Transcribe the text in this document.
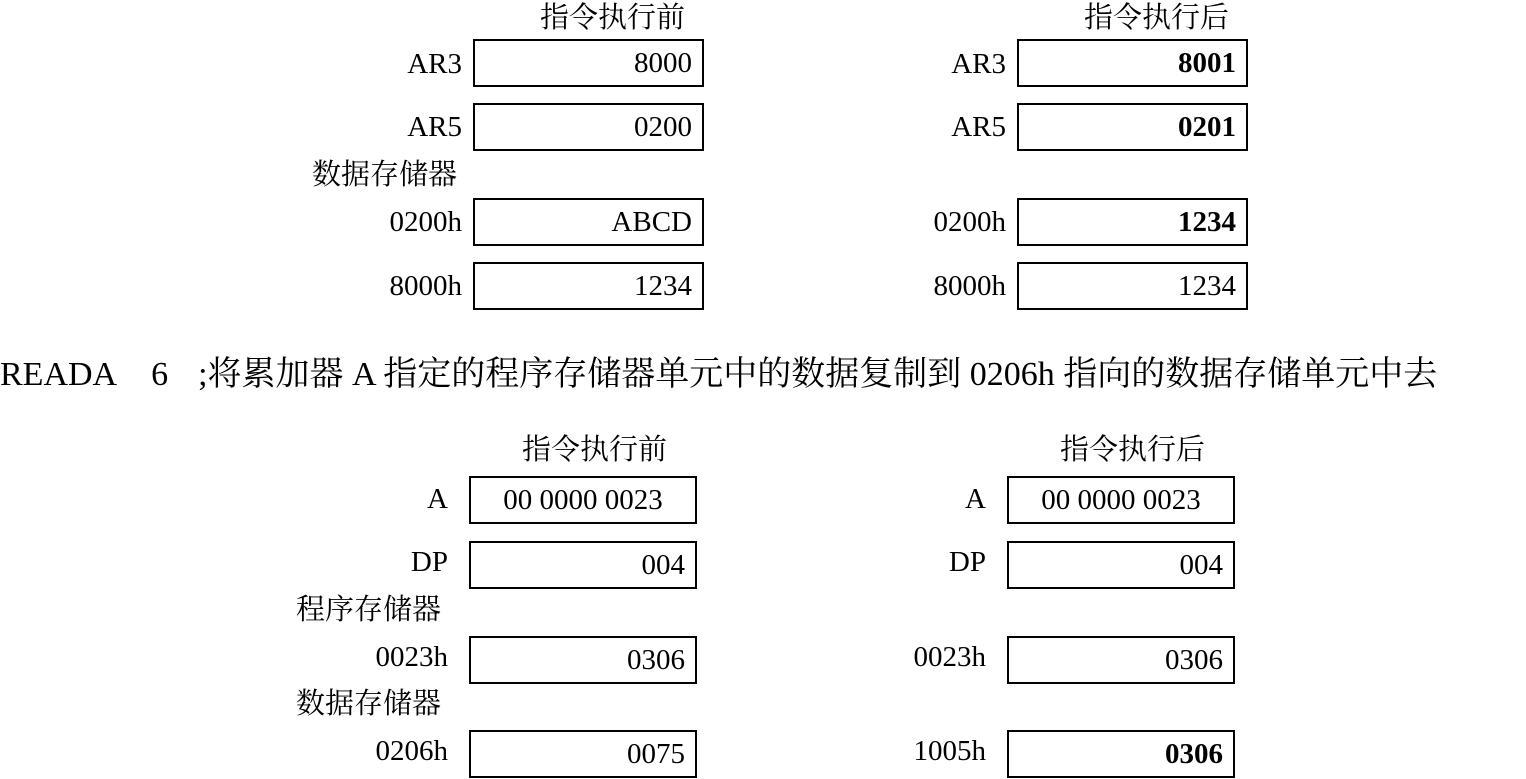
指令执行前	指令执行后
AR3	8000
AR5	0200
数据存储器
0200h	ABCD
8000h	1234
AR3	8001
AR5	0201
0200h	1234
8000h	1234
READA 6 ;将累加器 A 指定的程序存储器单元中的数据复制到 0206h 指向的数据存储单元中去
指令执行前	指令执行后
A 00 0000 0023
DP	004
程序存储器
0023h	0306
数据存储器
0206h	0075
A 00 0000 0023
DP	004
0023h	0306
1005h	0306
